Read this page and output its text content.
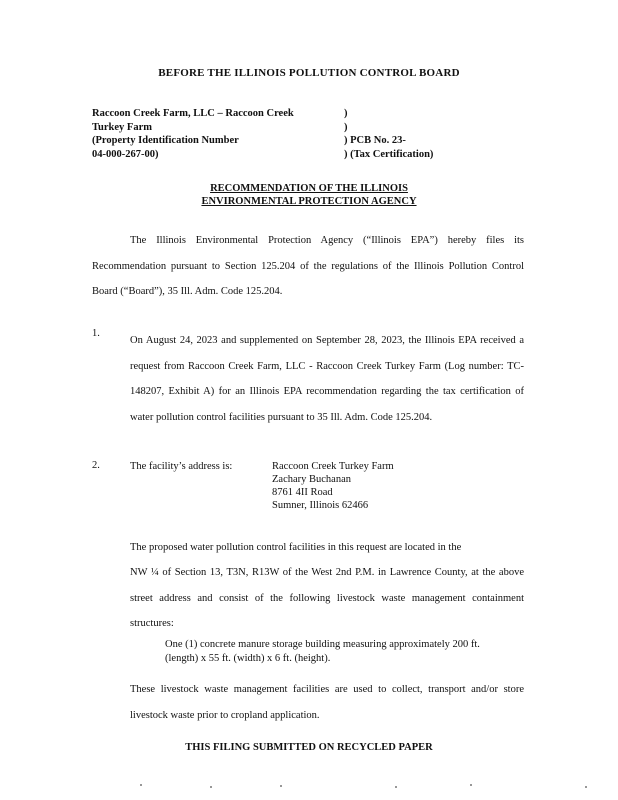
BEFORE THE ILLINOIS POLLUTION CONTROL BOARD
Raccoon Creek Farm, LLC – Raccoon Creek	)
Turkey Farm	)
(Property Identification Number	) PCB No. 23-
04-000-267-00)	) (Tax Certification)
RECOMMENDATION OF THE ILLINOIS
ENVIRONMENTAL PROTECTION AGENCY
The Illinois Environmental Protection Agency (“Illinois EPA”) hereby files its Recommendation pursuant to Section 125.204 of the regulations of the Illinois Pollution Control Board (“Board”), 35 Ill. Adm. Code 125.204.
1.
On August 24, 2023 and supplemented on September 28, 2023, the Illinois EPA received a request from Raccoon Creek Farm, LLC - Raccoon Creek Turkey Farm (Log number: TC-148207, Exhibit A) for an Illinois EPA recommendation regarding the tax certification of water pollution control facilities pursuant to 35 Ill. Adm. Code 125.204.
2.	The facility’s address is:	Raccoon Creek Turkey Farm
Zachary Buchanan
8761 4II Road
Sumner, Illinois 62466
The proposed water pollution control facilities in this request are located in the
NW ¼ of Section 13, T3N, R13W of the West 2nd P.M. in Lawrence County, at the above street address and consist of the following livestock waste management containment structures:
One (1) concrete manure storage building measuring approximately 200 ft. (length) x 55 ft. (width) x 6 ft. (height).
These livestock waste management facilities are used to collect, transport and/or store livestock waste prior to cropland application.
THIS FILING SUBMITTED ON RECYCLED PAPER
